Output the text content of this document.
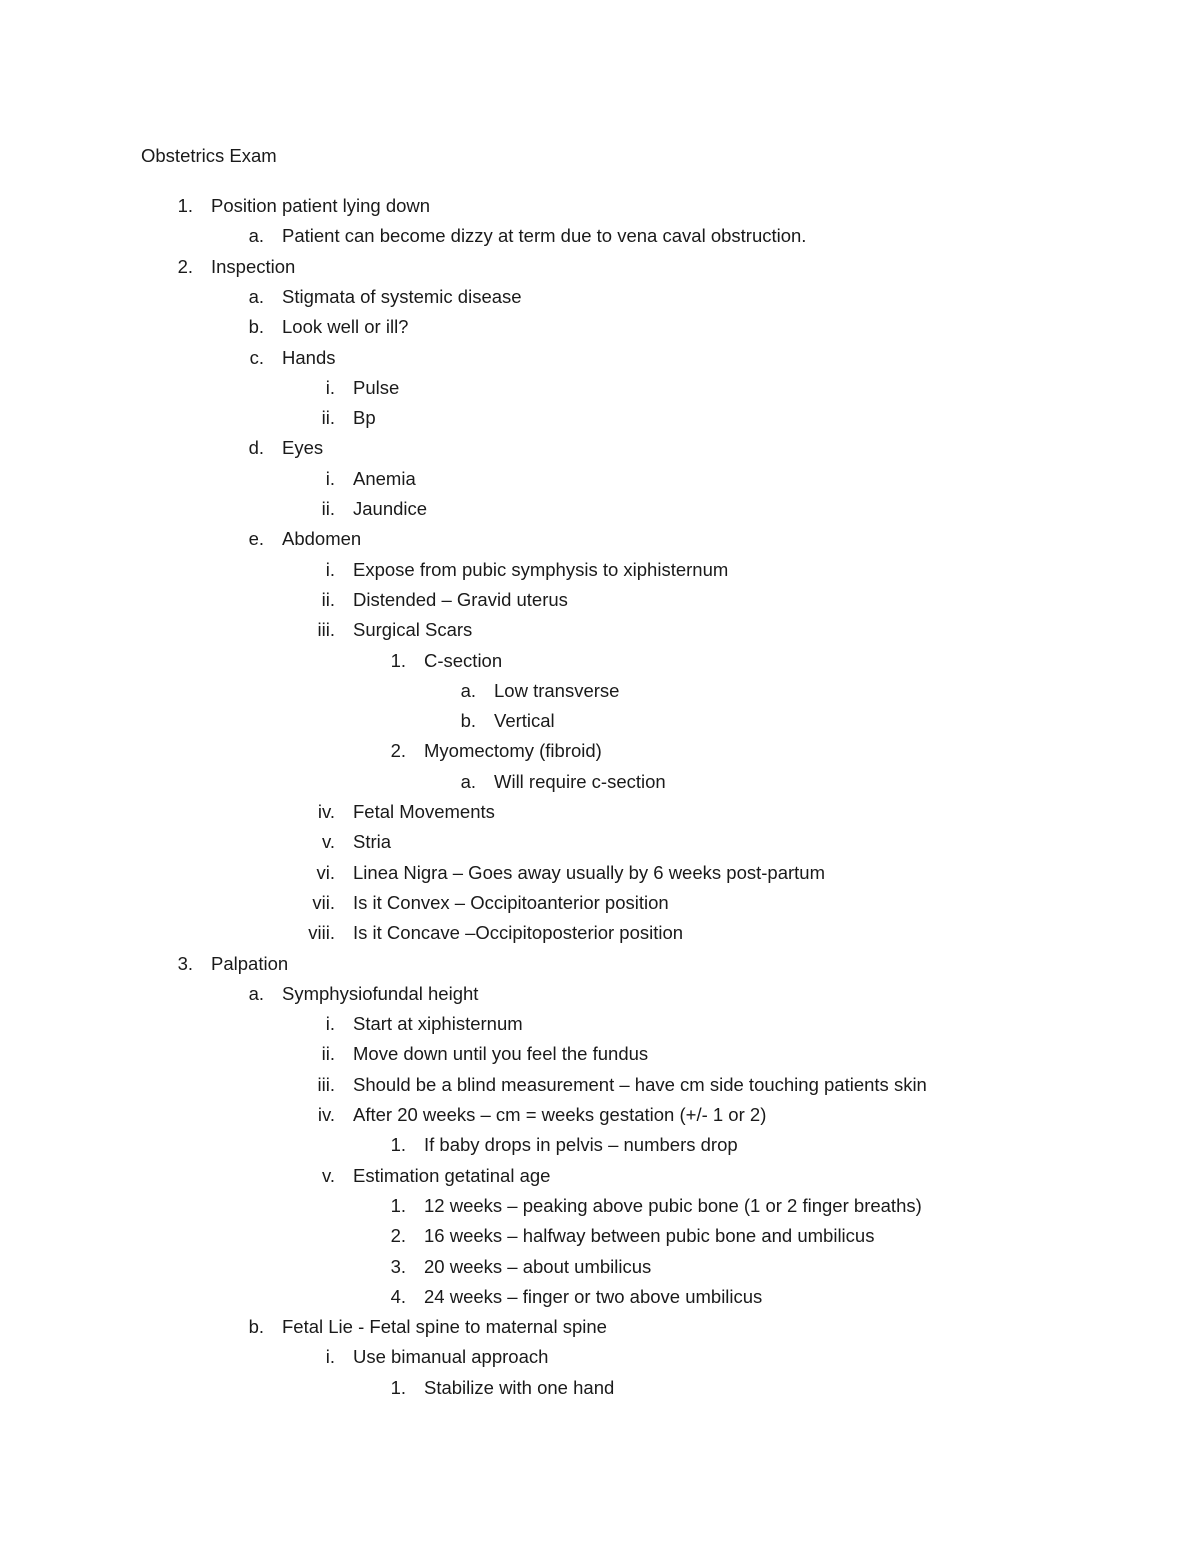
Obstetrics Exam
1. Position patient lying down
a. Patient can become dizzy at term due to vena caval obstruction.
2. Inspection
a. Stigmata of systemic disease
b. Look well or ill?
c. Hands
i. Pulse
ii. Bp
d. Eyes
i. Anemia
ii. Jaundice
e. Abdomen
i. Expose from pubic symphysis to xiphisternum
ii. Distended – Gravid uterus
iii. Surgical Scars
1. C-section
a. Low transverse
b. Vertical
2. Myomectomy (fibroid)
a. Will require c-section
iv. Fetal Movements
v. Stria
vi. Linea Nigra – Goes away usually by 6 weeks post-partum
vii. Is it Convex – Occipitoanterior position
viii. Is it Concave –Occipitoposterior position
3. Palpation
a. Symphysiofundal height
i. Start at xiphisternum
ii. Move down until you feel the fundus
iii. Should be a blind measurement – have cm side touching patients skin
iv. After 20 weeks – cm = weeks gestation (+/- 1 or 2)
1. If baby drops in pelvis – numbers drop
v. Estimation getatinal age
1. 12 weeks – peaking above pubic bone (1 or 2 finger breaths)
2. 16 weeks – halfway between pubic bone and umbilicus
3. 20 weeks – about umbilicus
4. 24 weeks – finger or two above umbilicus
b. Fetal Lie - Fetal spine to maternal spine
i. Use bimanual approach
1. Stabilize with one hand
